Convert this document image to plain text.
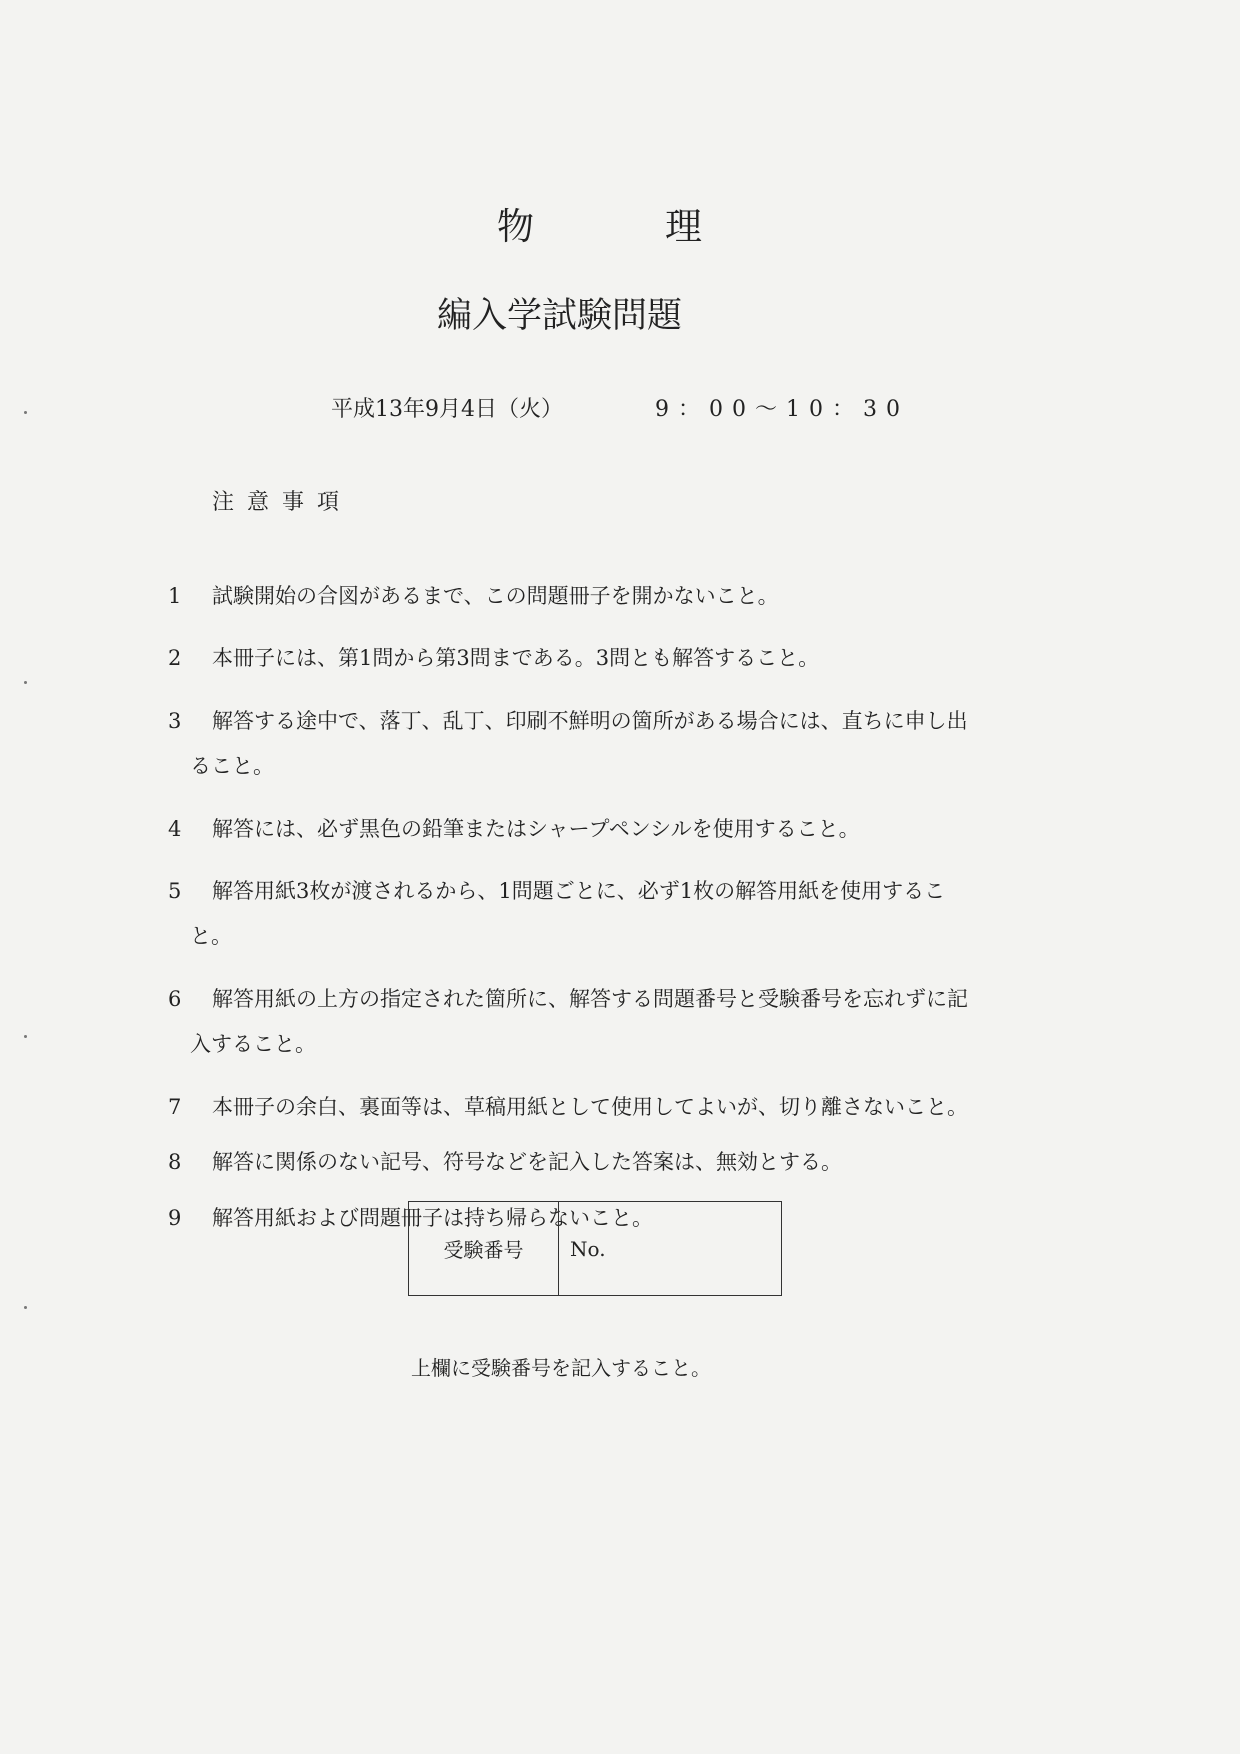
物	理
編入学試験問題
平成13年9月4日（火）	9：00～10：30
注意事項
1	試験開始の合図があるまで、この問題冊子を開かないこと。
2	本冊子には、第1問から第3問まである。3問とも解答すること。
3	解答する途中で、落丁、乱丁、印刷不鮮明の箇所がある場合には、直ちに申し出
ること。
4	解答には、必ず黒色の鉛筆またはシャープペンシルを使用すること。
5	解答用紙3枚が渡されるから、1問題ごとに、必ず1枚の解答用紙を使用するこ
と。
6	解答用紙の上方の指定された箇所に、解答する問題番号と受験番号を忘れずに記
入すること。
7	本冊子の余白、裏面等は、草稿用紙として使用してよいが、切り離さないこと。
8	解答に関係のない記号、符号などを記入した答案は、無効とする。
9	解答用紙および問題冊子は持ち帰らないこと。
受験番号	No.
上欄に受験番号を記入すること。
